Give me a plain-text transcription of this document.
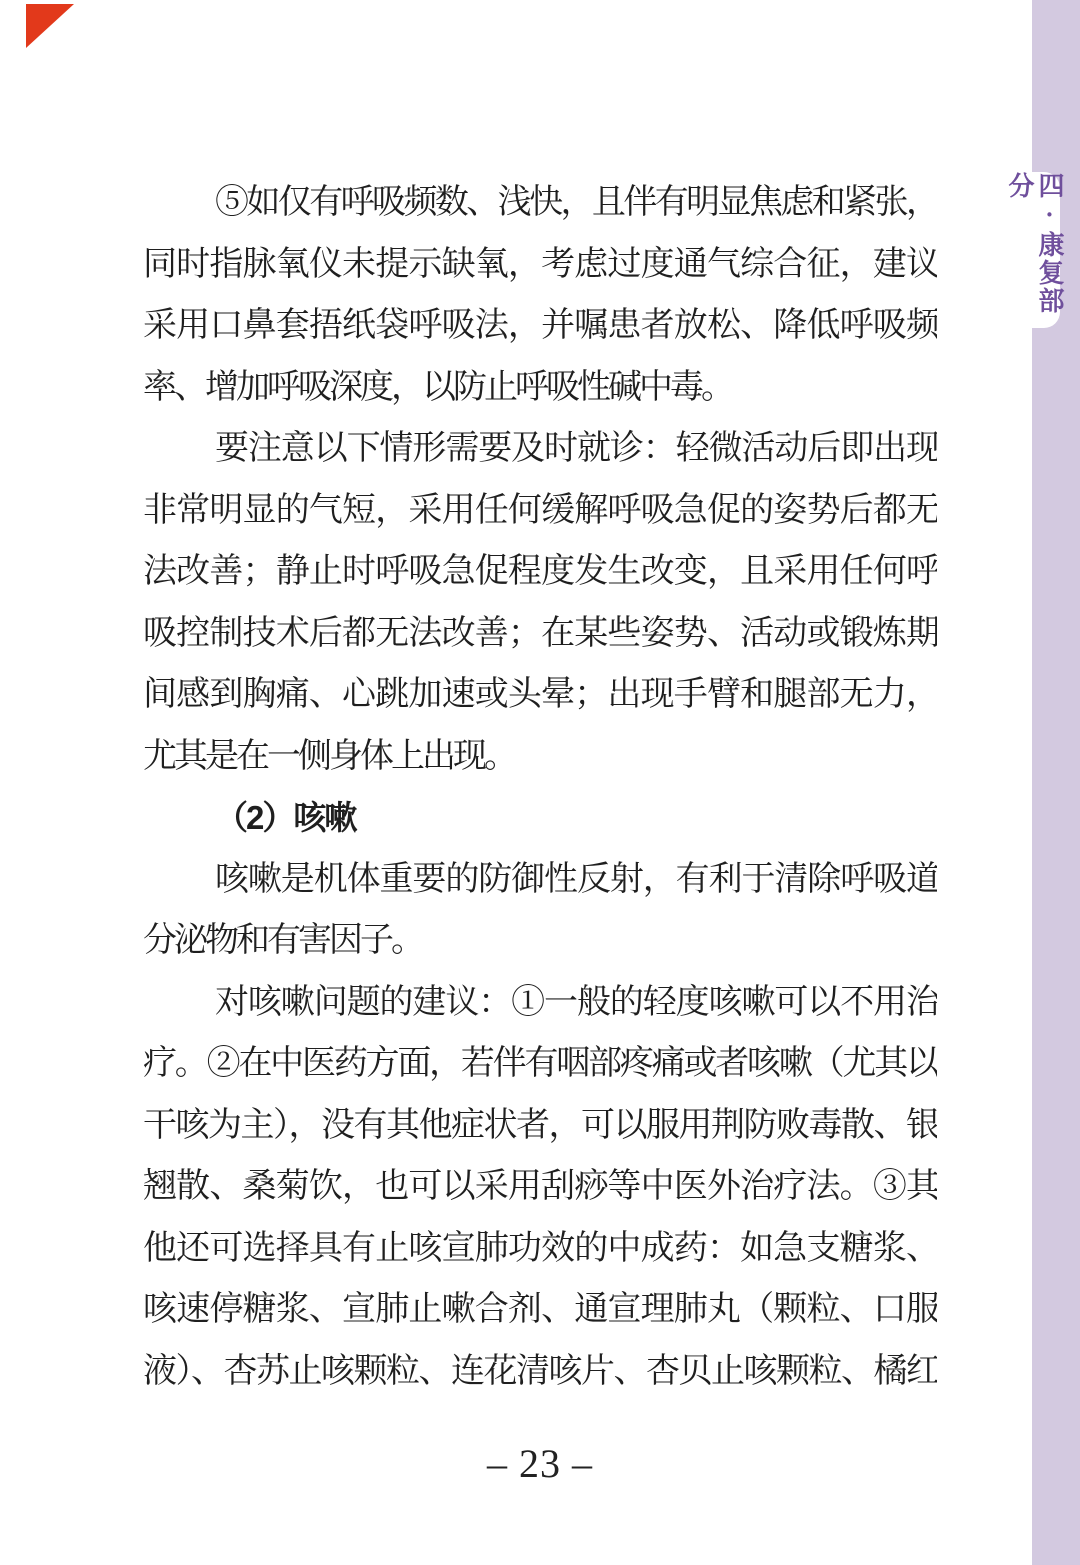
四·康复部分
⑤如仅有呼吸频数、浅快，且伴有明显焦虑和紧张，
同时指脉氧仪未提示缺氧，考虑过度通气综合征，建议
采用口鼻套捂纸袋呼吸法，并嘱患者放松、降低呼吸频
率、增加呼吸深度，以防止呼吸性碱中毒。
要注意以下情形需要及时就诊：轻微活动后即出现
非常明显的气短，采用任何缓解呼吸急促的姿势后都无
法改善；静止时呼吸急促程度发生改变，且采用任何呼
吸控制技术后都无法改善；在某些姿势、活动或锻炼期
间感到胸痛、心跳加速或头晕；出现手臂和腿部无力，
尤其是在一侧身体上出现。
（2）咳嗽
咳嗽是机体重要的防御性反射，有利于清除呼吸道
分泌物和有害因子。
对咳嗽问题的建议：①一般的轻度咳嗽可以不用治
疗。②在中医药方面，若伴有咽部疼痛或者咳嗽（尤其以
干咳为主），没有其他症状者，可以服用荆防败毒散、银
翘散、桑菊饮，也可以采用刮痧等中医外治疗法。③其
他还可选择具有止咳宣肺功效的中成药：如急支糖浆、
咳速停糖浆、宣肺止嗽合剂、通宣理肺丸（颗粒、口服
液）、杏苏止咳颗粒、连花清咳片、杏贝止咳颗粒、橘红
– 23 –
